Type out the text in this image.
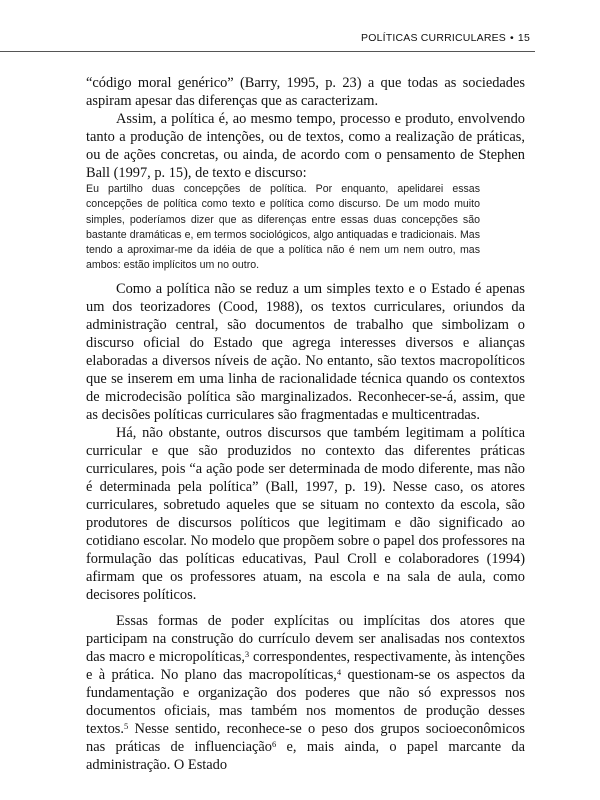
POLÍTICAS CURRICULARES • 15

“código moral genérico” (Barry, 1995, p. 23) a que todas as sociedades aspiram apesar das diferenças que as caracterizam.

Assim, a política é, ao mesmo tempo, processo e produto, envolvendo tanto a produção de intenções, ou de textos, como a realização de práticas, ou de ações concretas, ou ainda, de acordo com o pensamento de Stephen Ball (1997, p. 15), de texto e discurso:

Eu partilho duas concepções de política. Por enquanto, apelidarei essas concepções de política como texto e política como discurso. De um modo muito simples, poderíamos dizer que as diferenças entre essas duas concepções são bastante dramáticas e, em termos sociológicos, algo antiquadas e tradicionais. Mas tendo a aproximar-me da idéia de que a política não é nem um nem outro, mas ambos: estão implícitos um no outro.

Como a política não se reduz a um simples texto e o Estado é apenas um dos teorizadores (Cood, 1988), os textos curriculares, oriundos da administração central, são documentos de trabalho que simbolizam o discurso oficial do Estado que agrega interesses diversos e alianças elaboradas a diversos níveis de ação. No entanto, são textos macropolíticos que se inserem em uma linha de racionalidade técnica quando os contextos de microdecisão política são marginalizados. Reconhecer-se-á, assim, que as decisões políticas curriculares são fragmentadas e multicentradas.

Há, não obstante, outros discursos que também legitimam a política curricular e que são produzidos no contexto das diferentes práticas curriculares, pois “a ação pode ser determinada de modo diferente, mas não é determinada pela política” (Ball, 1997, p. 19). Nesse caso, os atores curriculares, sobretudo aqueles que se situam no contexto da escola, são produtores de discursos políticos que legitimam e dão significado ao cotidiano escolar. No modelo que propõem sobre o papel dos professores na formulação das políticas educativas, Paul Croll e colaboradores (1994) afirmam que os professores atuam, na escola e na sala de aula, como decisores políticos.

Essas formas de poder explícitas ou implícitas dos atores que participam na construção do currículo devem ser analisadas nos contextos das macro e micropolíticas,$^3$ correspondentes, respectivamente, às intenções e à prática. No plano das macropolíticas,$^4$ questionam-se os aspectos da fundamentação e organização dos poderes que não só expressos nos documentos oficiais, mas também nos momentos de produção desses textos.$^5$ Nesse sentido, reconhece-se o peso dos grupos socioeconômicos nas práticas de influenciação$^6$ e, mais ainda, o papel marcante da administração. O Estado
